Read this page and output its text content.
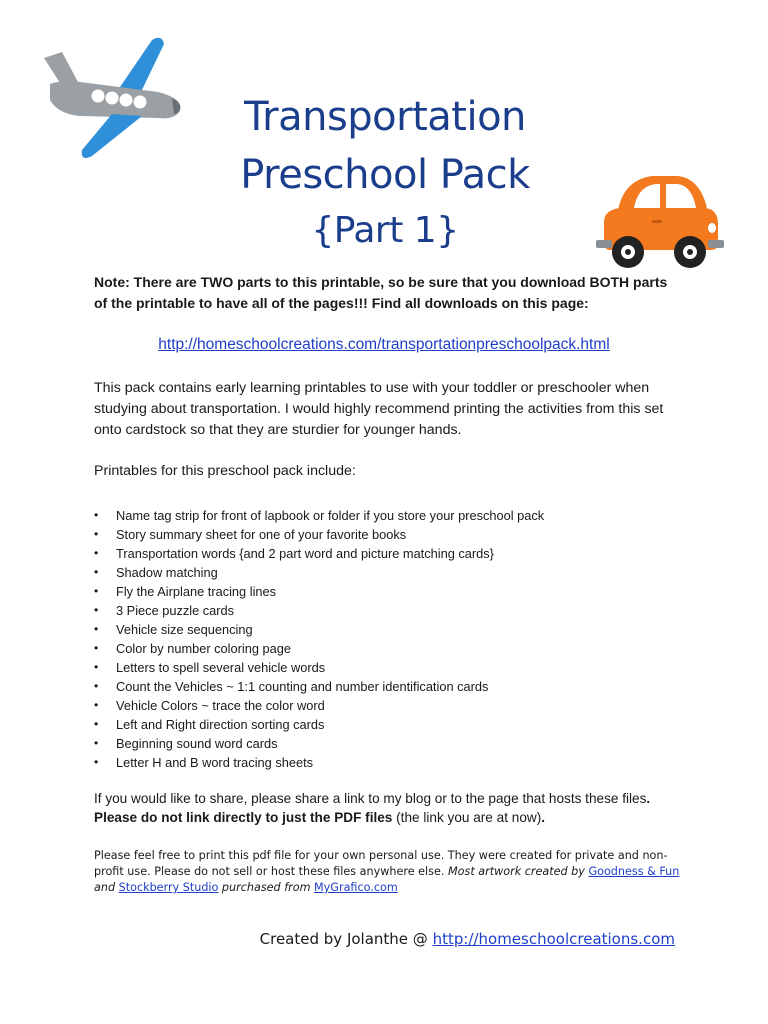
Transportation
Preschool Pack
{Part 1}
Note: There are TWO parts to this printable, so be sure that you download BOTH parts of the printable to have all of the pages!!! Find all downloads on this page:
http://homeschoolcreations.com/transportationpreschoolpack.html
This pack contains early learning printables to use with your toddler or preschooler when studying about transportation. I would highly recommend printing the activities from this set onto cardstock so that they are sturdier for younger hands.
Printables for this preschool pack include:
• Name tag strip for front of lapbook or folder if you store your preschool pack
• Story summary sheet for one of your favorite books
• Transportation words {and 2 part word and picture matching cards}
• Shadow matching
• Fly the Airplane tracing lines
• 3 Piece puzzle cards
• Vehicle size sequencing
• Color by number coloring page
• Letters to spell several vehicle words
• Count the Vehicles ~ 1:1 counting and number identification cards
• Vehicle Colors ~ trace the color word
• Left and Right direction sorting cards
• Beginning sound word cards
• Letter H and B word tracing sheets
If you would like to share, please share a link to my blog or to the page that hosts these files. Please do not link directly to just the PDF files (the link you are at now).
Please feel free to print this pdf file for your own personal use. They were created for private and non-profit use. Please do not sell or host these files anywhere else. Most artwork created by Goodness & Fun and Stockberry Studio purchased from MyGrafico.com
Created by Jolanthe @ http://homeschoolcreations.com
